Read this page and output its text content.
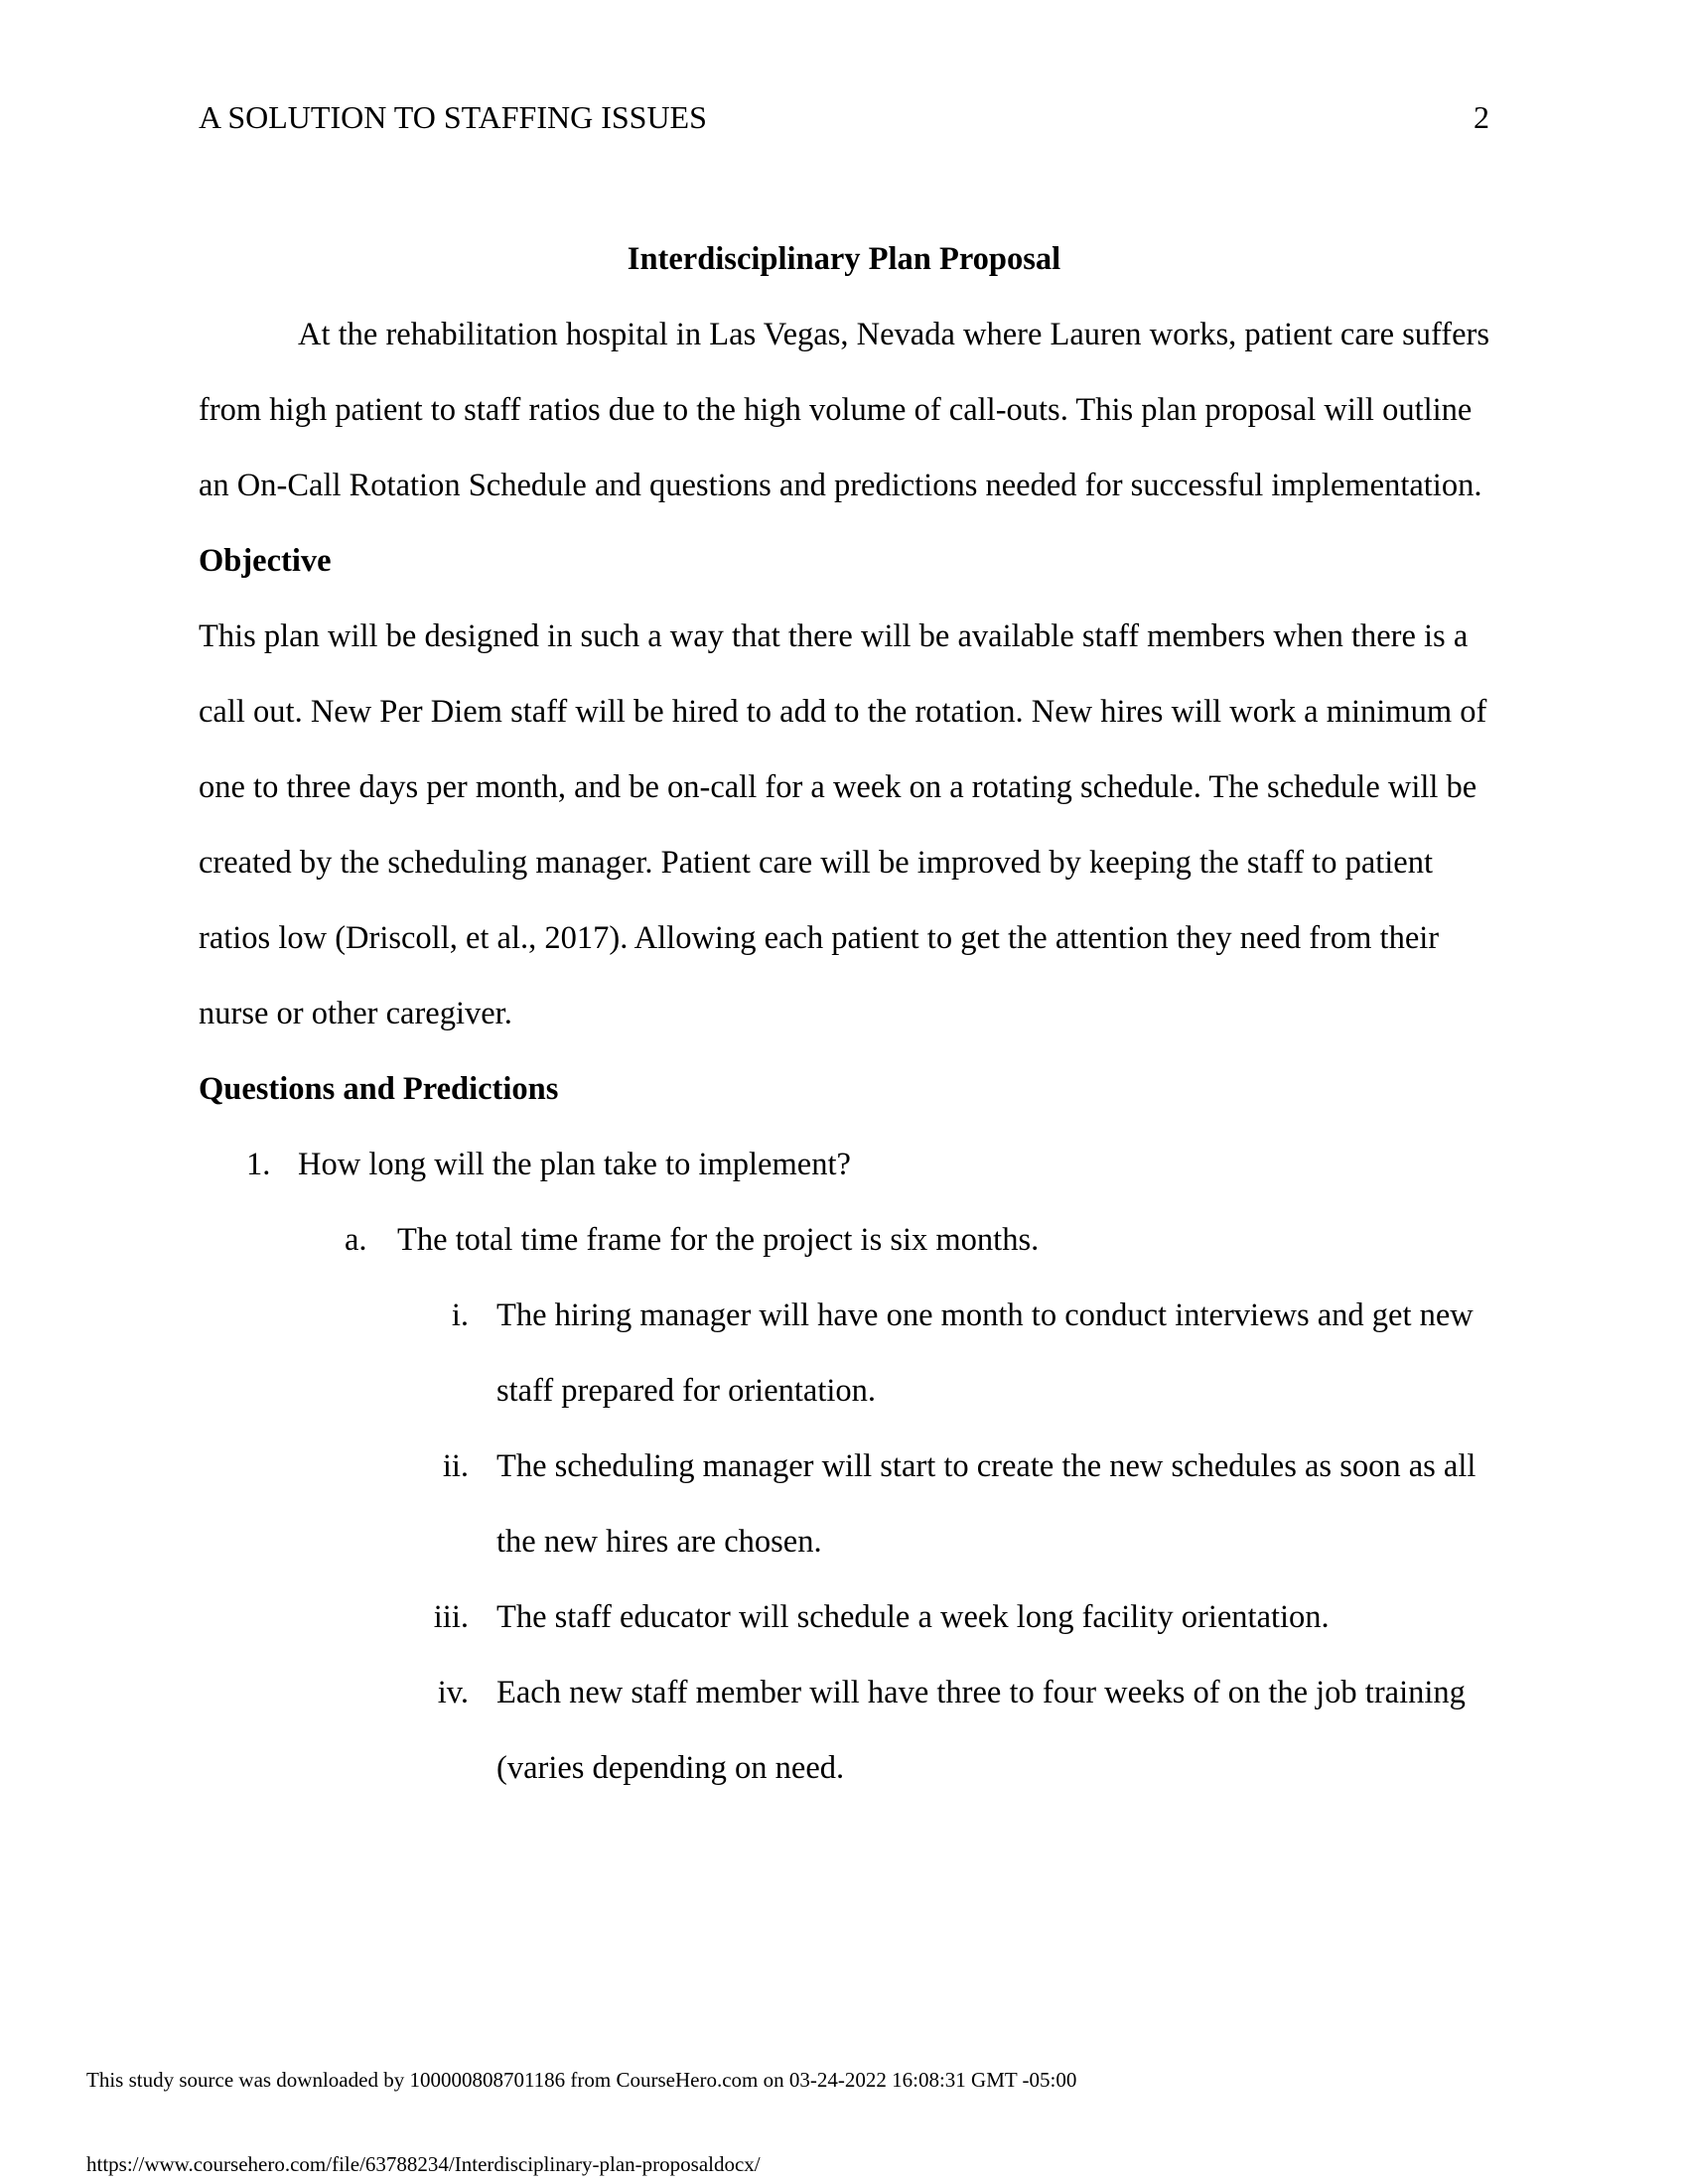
A SOLUTION TO STAFFING ISSUES	2

Interdisciplinary Plan Proposal

At the rehabilitation hospital in Las Vegas, Nevada where Lauren works, patient care suffers from high patient to staff ratios due to the high volume of call-outs. This plan proposal will outline an On-Call Rotation Schedule and questions and predictions needed for successful implementation.

Objective

This plan will be designed in such a way that there will be available staff members when there is a call out. New Per Diem staff will be hired to add to the rotation. New hires will work a minimum of one to three days per month, and be on-call for a week on a rotating schedule. The schedule will be created by the scheduling manager. Patient care will be improved by keeping the staff to patient ratios low (Driscoll, et al., 2017). Allowing each patient to get the attention they need from their nurse or other caregiver.

Questions and Predictions
1. How long will the plan take to implement?
a. The total time frame for the project is six months.
i. The hiring manager will have one month to conduct interviews and get new staff prepared for orientation.
ii. The scheduling manager will start to create the new schedules as soon as all the new hires are chosen.
iii. The staff educator will schedule a week long facility orientation.
iv. Each new staff member will have three to four weeks of on the job training (varies depending on need.
This study source was downloaded by 100000808701186 from CourseHero.com on 03-24-2022 16:08:31 GMT -05:00
https://www.coursehero.com/file/63788234/Interdisciplinary-plan-proposaldocx/
